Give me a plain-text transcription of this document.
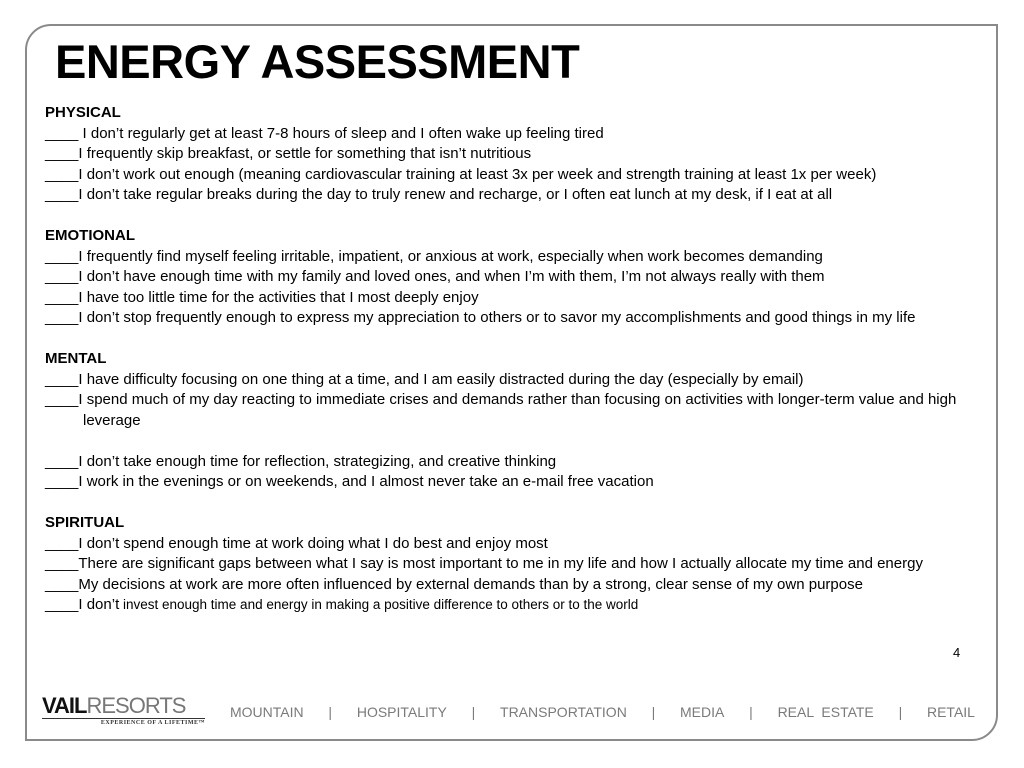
ENERGY ASSESSMENT
PHYSICAL
____ I don’t regularly get at least 7-8 hours of sleep and I often wake up feeling tired
____I frequently skip breakfast, or settle for something that isn’t nutritious
____I don’t work out enough (meaning cardiovascular training at least 3x per week and strength training at least 1x per week)
____I don’t take regular breaks during the day to truly renew and recharge, or I often eat lunch at my desk, if I eat at all
EMOTIONAL
____I frequently find myself feeling irritable, impatient, or anxious at work, especially when work becomes demanding
____I don’t have enough time with my family and loved ones, and when I’m with them, I’m not always really with them
____I have too little time for the activities that I most deeply enjoy
____I don’t stop frequently enough to express my appreciation to others or to savor my accomplishments and good things in my life
MENTAL
____I have difficulty focusing on one thing at a time, and I am easily distracted during the day (especially by email)
____I spend much of my day reacting to immediate crises and demands rather than focusing on activities with longer-term value and high leverage
____I don’t take enough time for reflection, strategizing, and creative thinking
____I work in the evenings or on weekends, and I almost never take an e-mail free vacation
SPIRITUAL
____I don’t spend enough time at work doing what I do best and enjoy most
____There are significant gaps between what I say is most important to me in my life and how I actually allocate my time and energy
____My decisions at work are more often influenced by external demands than by a strong, clear sense of my own purpose
____I don’t invest enough time and energy in making a positive difference to others or to the world
4
VAILRESORTS
EXPERIENCE OF A LIFETIME™
MOUNTAIN | HOSPITALITY | TRANSPORTATION | MEDIA | REAL  ESTATE | RETAIL
